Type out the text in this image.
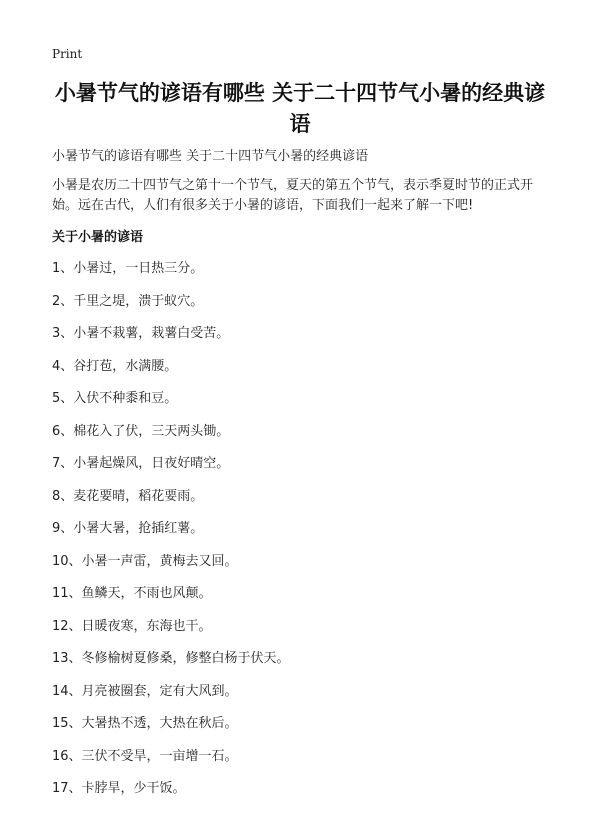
Print
小暑节气的谚语有哪些 关于二十四节气小暑的经典谚语
小暑节气的谚语有哪些 关于二十四节气小暑的经典谚语

小暑是农历二十四节气之第十一个节气，夏天的第五个节气，表示季夏时节的正式开始。远在古代，人们有很多关于小暑的谚语，下面我们一起来了解一下吧!

关于小暑的谚语
1、小暑过，一日热三分。
2、千里之堤，溃于蚁穴。
3、小暑不栽薯，栽薯白受苦。
4、谷打苞，水满腰。
5、入伏不种黍和豆。
6、棉花入了伏，三天两头锄。
7、小暑起燥风，日夜好晴空。
8、麦花要晴，稻花要雨。
9、小暑大暑，抢插红薯。
10、小暑一声雷，黄梅去又回。
11、鱼鳞天，不雨也风颠。
12、日暖夜寒，东海也干。
13、冬修榆树夏修桑，修整白杨于伏天。
14、月亮被圈套，定有大风到。
15、大暑热不透，大热在秋后。
16、三伏不受旱，一亩增一石。
17、卡脖旱，少干饭。
